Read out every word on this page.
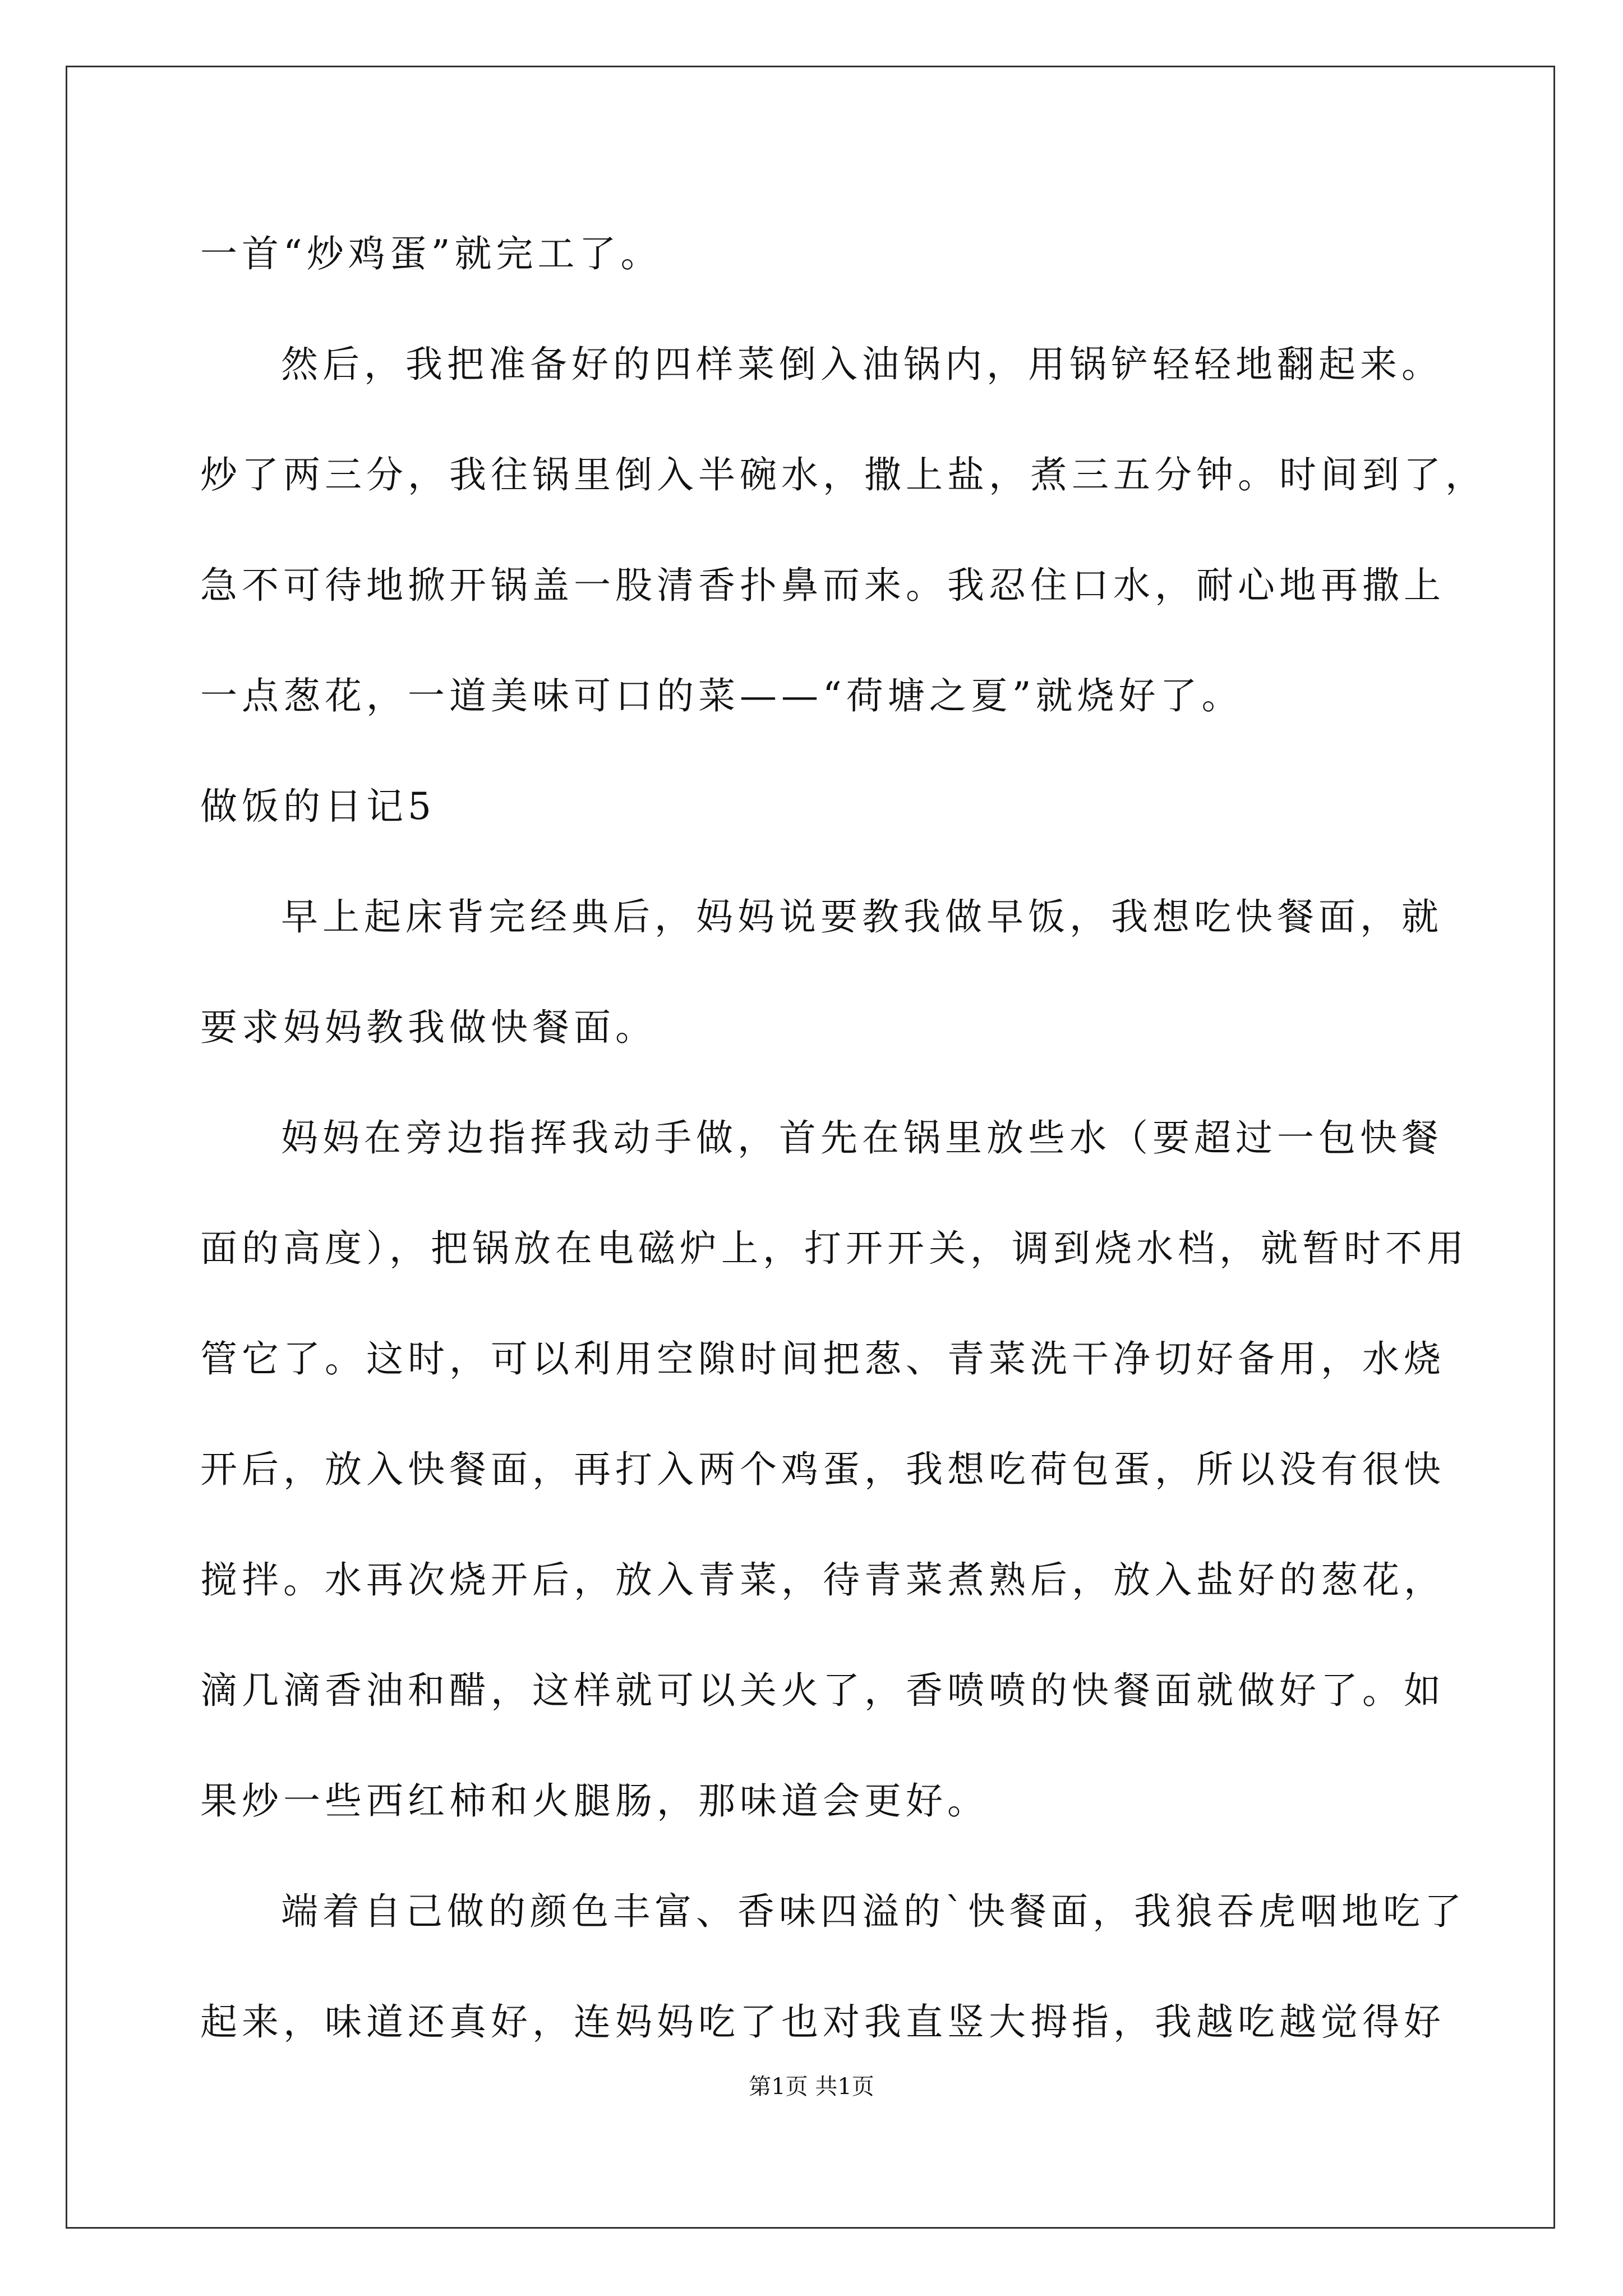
一首“炒鸡蛋”就完工了。
然后，我把准备好的四样菜倒入油锅内，用锅铲轻轻地翻起来。
炒了两三分，我往锅里倒入半碗水，撒上盐，煮三五分钟。时间到了，
急不可待地掀开锅盖一股清香扑鼻而来。我忍住口水，耐心地再撒上
一点葱花，一道美味可口的菜——“荷塘之夏”就烧好了。
做饭的日记5
早上起床背完经典后，妈妈说要教我做早饭，我想吃快餐面，就
要求妈妈教我做快餐面。
妈妈在旁边指挥我动手做，首先在锅里放些水（要超过一包快餐
面的高度），把锅放在电磁炉上，打开开关，调到烧水档，就暂时不用
管它了。这时，可以利用空隙时间把葱、青菜洗干净切好备用，水烧
开后，放入快餐面，再打入两个鸡蛋，我想吃荷包蛋，所以没有很快
搅拌。水再次烧开后，放入青菜，待青菜煮熟后，放入盐好的葱花，
滴几滴香油和醋，这样就可以关火了，香喷喷的快餐面就做好了。如
果炒一些西红柿和火腿肠，那味道会更好。
端着自己做的颜色丰富、香味四溢的`快餐面，我狼吞虎咽地吃了
起来，味道还真好，连妈妈吃了也对我直竖大拇指，我越吃越觉得好
第1页 共1页
